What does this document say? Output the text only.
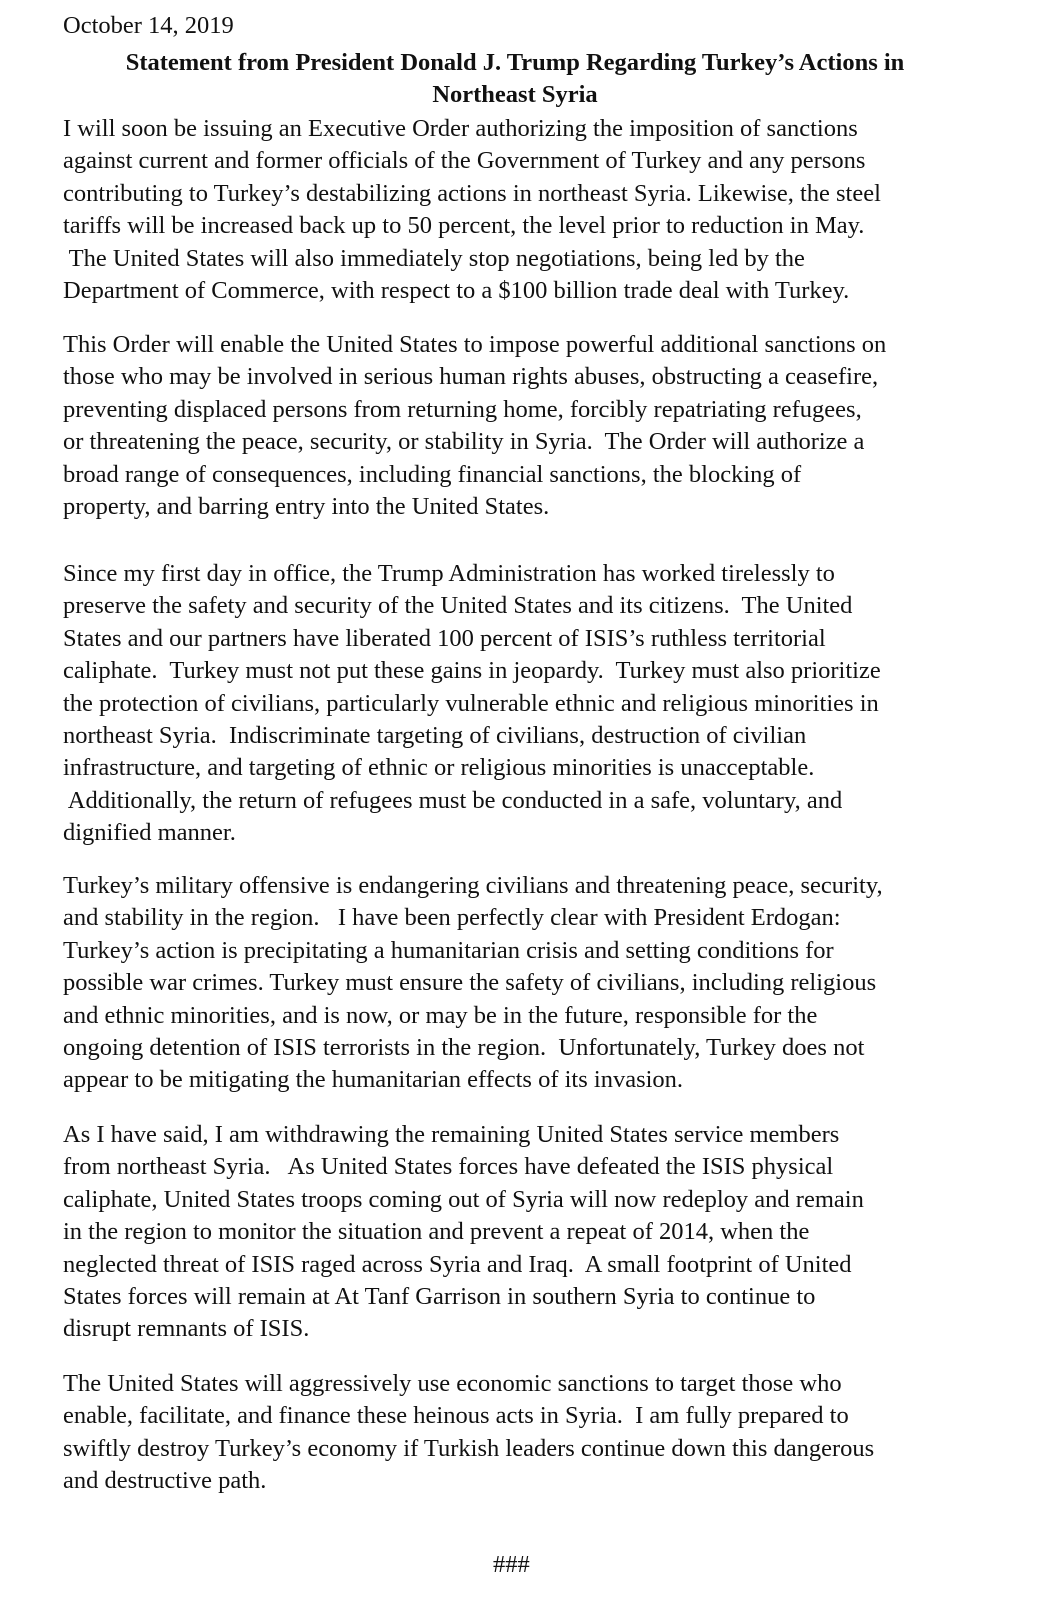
October 14, 2019
Statement from President Donald J. Trump Regarding Turkey’s Actions in
Northeast Syria

I will soon be issuing an Executive Order authorizing the imposition of sanctions
against current and former officials of the Government of Turkey and any persons
contributing to Turkey’s destabilizing actions in northeast Syria. Likewise, the steel
tariffs will be increased back up to 50 percent, the level prior to reduction in May.
The United States will also immediately stop negotiations, being led by the
Department of Commerce, with respect to a $100 billion trade deal with Turkey.

This Order will enable the United States to impose powerful additional sanctions on
those who may be involved in serious human rights abuses, obstructing a ceasefire,
preventing displaced persons from returning home, forcibly repatriating refugees,
or threatening the peace, security, or stability in Syria.  The Order will authorize a
broad range of consequences, including financial sanctions, the blocking of
property, and barring entry into the United States.

Since my first day in office, the Trump Administration has worked tirelessly to
preserve the safety and security of the United States and its citizens.  The United
States and our partners have liberated 100 percent of ISIS’s ruthless territorial
caliphate.  Turkey must not put these gains in jeopardy.  Turkey must also prioritize
the protection of civilians, particularly vulnerable ethnic and religious minorities in
northeast Syria.  Indiscriminate targeting of civilians, destruction of civilian
infrastructure, and targeting of ethnic or religious minorities is unacceptable.
Additionally, the return of refugees must be conducted in a safe, voluntary, and
dignified manner.

Turkey’s military offensive is endangering civilians and threatening peace, security,
and stability in the region.   I have been perfectly clear with President Erdogan:
Turkey’s action is precipitating a humanitarian crisis and setting conditions for
possible war crimes. Turkey must ensure the safety of civilians, including religious
and ethnic minorities, and is now, or may be in the future, responsible for the
ongoing detention of ISIS terrorists in the region.  Unfortunately, Turkey does not
appear to be mitigating the humanitarian effects of its invasion.

As I have said, I am withdrawing the remaining United States service members
from northeast Syria.   As United States forces have defeated the ISIS physical
caliphate, United States troops coming out of Syria will now redeploy and remain
in the region to monitor the situation and prevent a repeat of 2014, when the
neglected threat of ISIS raged across Syria and Iraq.  A small footprint of United
States forces will remain at At Tanf Garrison in southern Syria to continue to
disrupt remnants of ISIS.

The United States will aggressively use economic sanctions to target those who
enable, facilitate, and finance these heinous acts in Syria.  I am fully prepared to
swiftly destroy Turkey’s economy if Turkish leaders continue down this dangerous
and destructive path.

###
